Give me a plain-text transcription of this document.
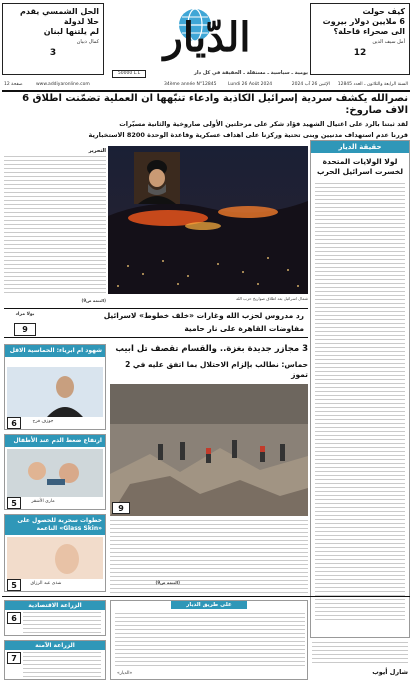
الحل الشمسي يقدم
حلا لدولة
لم يلتنها لبنان
كمال ذبيان
3
كيف حولت
6 ملايين دولار بيروت
الى صحراء قاحلة؟
أمل سيف الدين
12
الدّيار
يومية ـ سياسية ـ مستقلة ـ الحقيقة في كل دار
50000 L.L
34ème année N°12845	Lundi 26 Août 2024	الإثنين 26 آب 2024	السنة الرابعة والثلاثون ـ العدد 12845
www.addiyaronline.com
12 صفحة
نصرالله يكشف سردية إسرائيل الكاذبة وادعاء تنبّهها ان العملية تضمّنت اطلاق 6 الاف صاروخ:
لقد ثبتنا بالرد على اغتيال الشهيد فؤاد شكر على مرحلتين الأولى صاروخية والثانية مسيّرات
قررنا عدم استهداف مدنيين وبنى تحتية وركزنا على اهداف عسكرية وقاعدة الوحدة 8200 الاستخبارية
حقيقة الديار
لولا الولايات المتحدة لخسرت اسرائيل الحرب
التحرير
(التتمة ص9)	شمال اسرائيل بعد اطلاق صواريخ حزب الله
رد مدروس لحزب الله وغارات «خلف خطوط» لاسرائيل
مفاوضات القاهرة على نار حامية
بولا مراد
9
3 مجازر جديدة بغزة.. والقسام تقصف تل ابيب
حماس: نطالب بإلزام الاحتلال بما اتفق عليه في 2 تموز
9
(التتمة ص9)
شهود ام ابرياء: الحماسية الاقل
6	جوزف فرح
ارتفاع ضغط الدم عند الأطفال
5	ماري الأشقر
خطوات سحرية للحصول على «Glass Skin» الناعمة
5	شذى عبد الرزاق
الزراعة الاقتصادية
6
الزراعة الآمنة
7
على طريق الديار
«الديار»	شارل أيوب
